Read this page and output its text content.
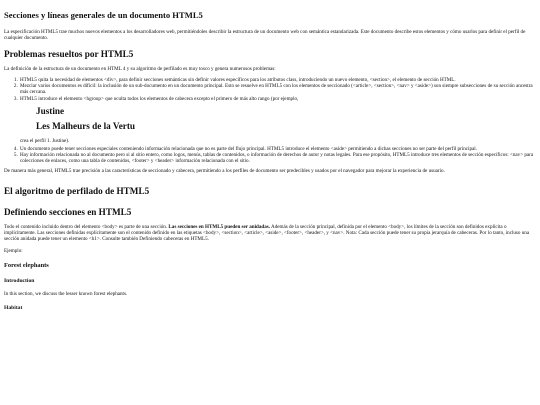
Secciones y líneas generales de un documento HTML5

La especificación HTML5 trae muchos nuevos elementos a los desarrolladores web, permitiéndoles describir la estructura de un documento web con semántica estandarizada. Este documento describe estos elementos y cómo usarlos para definir el perfil de cualquier documento.

Problemas resueltos por HTML5

La definición de la estructura de un documento en HTML 4 y su algoritmo de perfilado es muy tosco y genera numerosos problemas:

1. HTML5 quita la necesidad de elementos <div>, para definir secciones semánticas sin definir valores específicos para los atributos class, introduciendo un nuevo elemento, <section>, el elemento de sección HTML.
2. Mezclar varios documentos es difícil: la inclusión de un sub-documento en un documento principal. Esto se resuelve en HTML5 con los elementos de seccionado (<article>, <section>, <nav> y <aside>) son siempre subsecciones de su sección ancestra más cercana.
3. HTML5 introduce el elemento <hgroup> que oculta todos los elementos de cabecera excepto el primero de más alto rango (por ejemplo,
Justine
Les Malheurs de la Vertu
crea el perfil 1. Justine).
4. Un documento puede tener secciones especiales conteniendo información relacionada que no es parte del flujo principal. HTML5 introduce el elemento <aside> permitiendo a dichas secciones no ser parte del perfil principal.
5. Hay información relacionada no al documento pero si al sitio entero, como logos, menús, tablas de contenidos, o información de derechos de autor y notas legales. Para ese propósito, HTML5 introduce tres elementos de sección específicos: <nav> para colecciones de enlaces, como una tabla de contenidos, <footer> y <header> información relacionada con el sitio.

De manera más general, HTML5 trae precisión a las características de seccionado y cabecera, permitiendo a los perfiles de documento ser predecibles y usados por el navegador para mejorar la experiencia de usuario.

El algoritmo de perfilado de HTML5
Definiendo secciones en HTML5

Todo el contenido incluido dentro del elemento <body> es parte de una sección. Las secciones en HTML5 pueden ser anidadas. Además de la sección principal, definida por el elemento <body>, los límites de la sección son definidos explícita o implícitamente. Las secciones definidas explícitamente son el contenido definido en las etiquetas <body>, <section>, <article>, <aside>, <footer>, <header>, y <nav>. Nota: Cada sección puede tener su propia jerarquía de cabeceras. Por lo tanto, incluso una sección anidada puede tener un elemento <h1>. Consulte también Definiendo cabeceras en HTML5.

Ejemplo:

Forest elephants
Introduction

In this section, we discuss the lesser known forest elephants.

Habitat
